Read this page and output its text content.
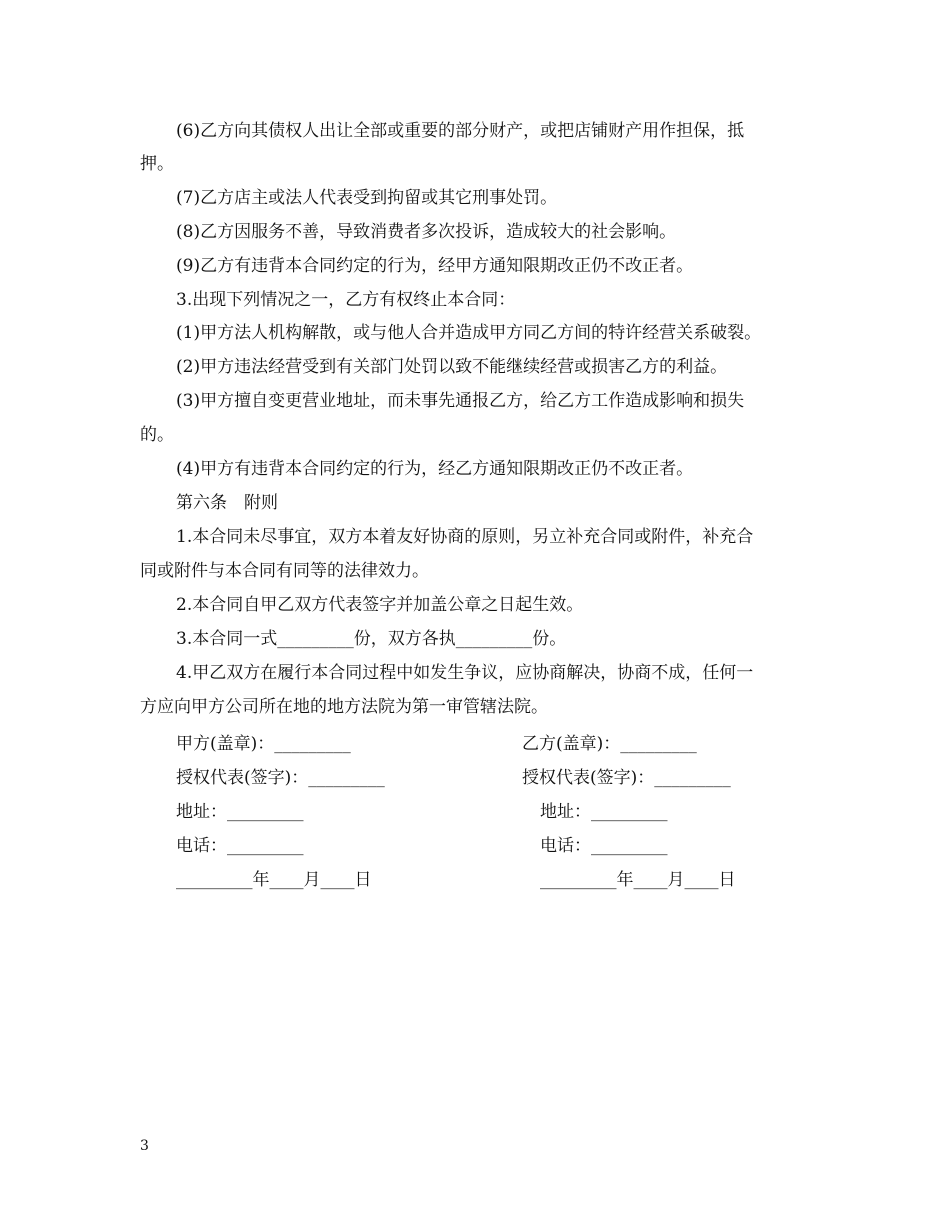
(6)乙方向其债权人出让全部或重要的部分财产，或把店铺财产用作担保，抵
押。
(7)乙方店主或法人代表受到拘留或其它刑事处罚。
(8)乙方因服务不善，导致消费者多次投诉，造成较大的社会影响。
(9)乙方有违背本合同约定的行为，经甲方通知限期改正仍不改正者。
3.出现下列情况之一，乙方有权终止本合同：
(1)甲方法人机构解散，或与他人合并造成甲方同乙方间的特许经营关系破裂。
(2)甲方违法经营受到有关部门处罚以致不能继续经营或损害乙方的利益。
(3)甲方擅自变更营业地址，而未事先通报乙方，给乙方工作造成影响和损失
的。
(4)甲方有违背本合同约定的行为，经乙方通知限期改正仍不改正者。
第六条　附则
1.本合同未尽事宜，双方本着友好协商的原则，另立补充合同或附件，补充合
同或附件与本合同有同等的法律效力。
2.本合同自甲乙双方代表签字并加盖公章之日起生效。
3.本合同一式_________份，双方各执_________份。
4.甲乙双方在履行本合同过程中如发生争议，应协商解决，协商不成，任何一
方应向甲方公司所在地的地方法院为第一审管辖法院。
甲方(盖章)：_________
授权代表(签字)：_________
地址：_________
电话：_________
_________年____月____日
乙方(盖章)：_________
授权代表(签字)：_________
地址：_________
电话：_________
_________年____月____日
3
